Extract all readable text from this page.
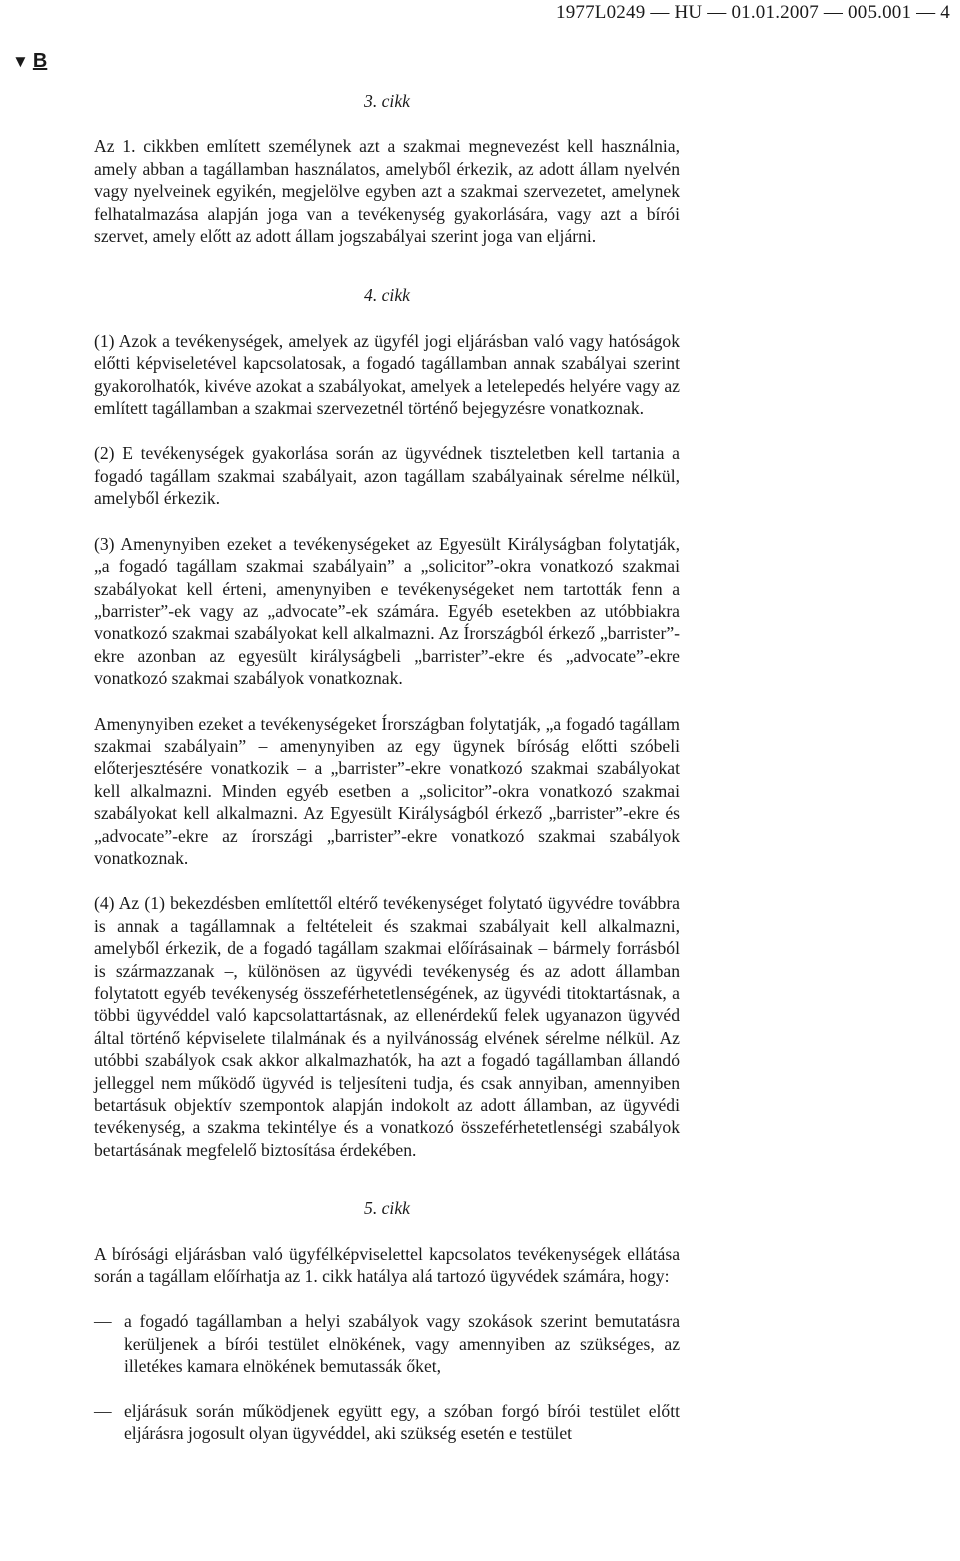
1977L0249 — HU — 01.01.2007 — 005.001 — 4
▼ B

3. cikk

Az 1. cikkben említett személynek azt a szakmai megnevezést kell használnia, amely abban a tagállamban használatos, amelyből érkezik, az adott állam nyelvén vagy nyelveinek egyikén, megjelölve egyben azt a szakmai szervezetet, amelynek felhatalmazása alapján joga van a tevékenység gyakorlására, vagy azt a bírói szervet, amely előtt az adott állam jogszabályai szerint joga van eljárni.

4. cikk

(1) Azok a tevékenységek, amelyek az ügyfél jogi eljárásban való vagy hatóságok előtti képviseletével kapcsolatosak, a fogadó tagállamban annak szabályai szerint gyakorolhatók, kivéve azokat a szabályokat, amelyek a letelepedés helyére vagy az említett tagállamban a szakmai szervezetnél történő bejegyzésre vonatkoznak.

(2) E tevékenységek gyakorlása során az ügyvédnek tiszteletben kell tartania a fogadó tagállam szakmai szabályait, azon tagállam szabályainak sérelme nélkül, amelyből érkezik.

(3) Amenynyiben ezeket a tevékenységeket az Egyesült Királyságban folytatják, „a fogadó tagállam szakmai szabályain” a „solicitor”-okra vonatkozó szakmai szabályokat kell érteni, amenynyiben e tevékenységeket nem tartották fenn a „barrister”-ek vagy az „advocate”-ek számára. Egyéb esetekben az utóbbiakra vonatkozó szakmai szabályokat kell alkalmazni. Az Írországból érkező „barrister”-ekre azonban az egyesült királyságbeli „barrister”-ekre és „advocate”-ekre vonatkozó szakmai szabályok vonatkoznak.

Amenynyiben ezeket a tevékenységeket Írországban folytatják, „a fogadó tagállam szakmai szabályain” – amenynyiben az egy ügynek bíróság előtti szóbeli előterjesztésére vonatkozik – a „barrister”-ekre vonatkozó szakmai szabályokat kell alkalmazni. Minden egyéb esetben a „solicitor”-okra vonatkozó szakmai szabályokat kell alkalmazni. Az Egyesült Királyságból érkező „barrister”-ekre és „advocate”-ekre az írországi „barrister”-ekre vonatkozó szakmai szabályok vonatkoznak.

(4) Az (1) bekezdésben említettől eltérő tevékenységet folytató ügyvédre továbbra is annak a tagállamnak a feltételeit és szakmai szabályait kell alkalmazni, amelyből érkezik, de a fogadó tagállam szakmai előírásainak – bármely forrásból is származzanak –, különösen az ügyvédi tevékenység és az adott államban folytatott egyéb tevékenység összeférhetetlenségének, az ügyvédi titoktartásnak, a többi ügyvéddel való kapcsolattartásnak, az ellenérdekű felek ugyanazon ügyvéd által történő képviselete tilalmának és a nyilvánosság elvének sérelme nélkül. Az utóbbi szabályok csak akkor alkalmazhatók, ha azt a fogadó tagállamban állandó jelleggel nem működő ügyvéd is teljesíteni tudja, és csak annyiban, amennyiben betartásuk objektív szempontok alapján indokolt az adott államban, az ügyvédi tevékenység, a szakma tekintélye és a vonatkozó összeférhetetlenségi szabályok betartásának megfelelő biztosítása érdekében.

5. cikk

A bírósági eljárásban való ügyfélképviselettel kapcsolatos tevékenységek ellátása során a tagállam előírhatja az 1. cikk hatálya alá tartozó ügyvédek számára, hogy:

— a fogadó tagállamban a helyi szabályok vagy szokások szerint bemutatásra kerüljenek a bírói testület elnökének, vagy amennyiben az szükséges, az illetékes kamara elnökének bemutassák őket,
— eljárásuk során működjenek együtt egy, a szóban forgó bírói testület előtt eljárásra jogosult olyan ügyvéddel, aki szükség esetén e testület
